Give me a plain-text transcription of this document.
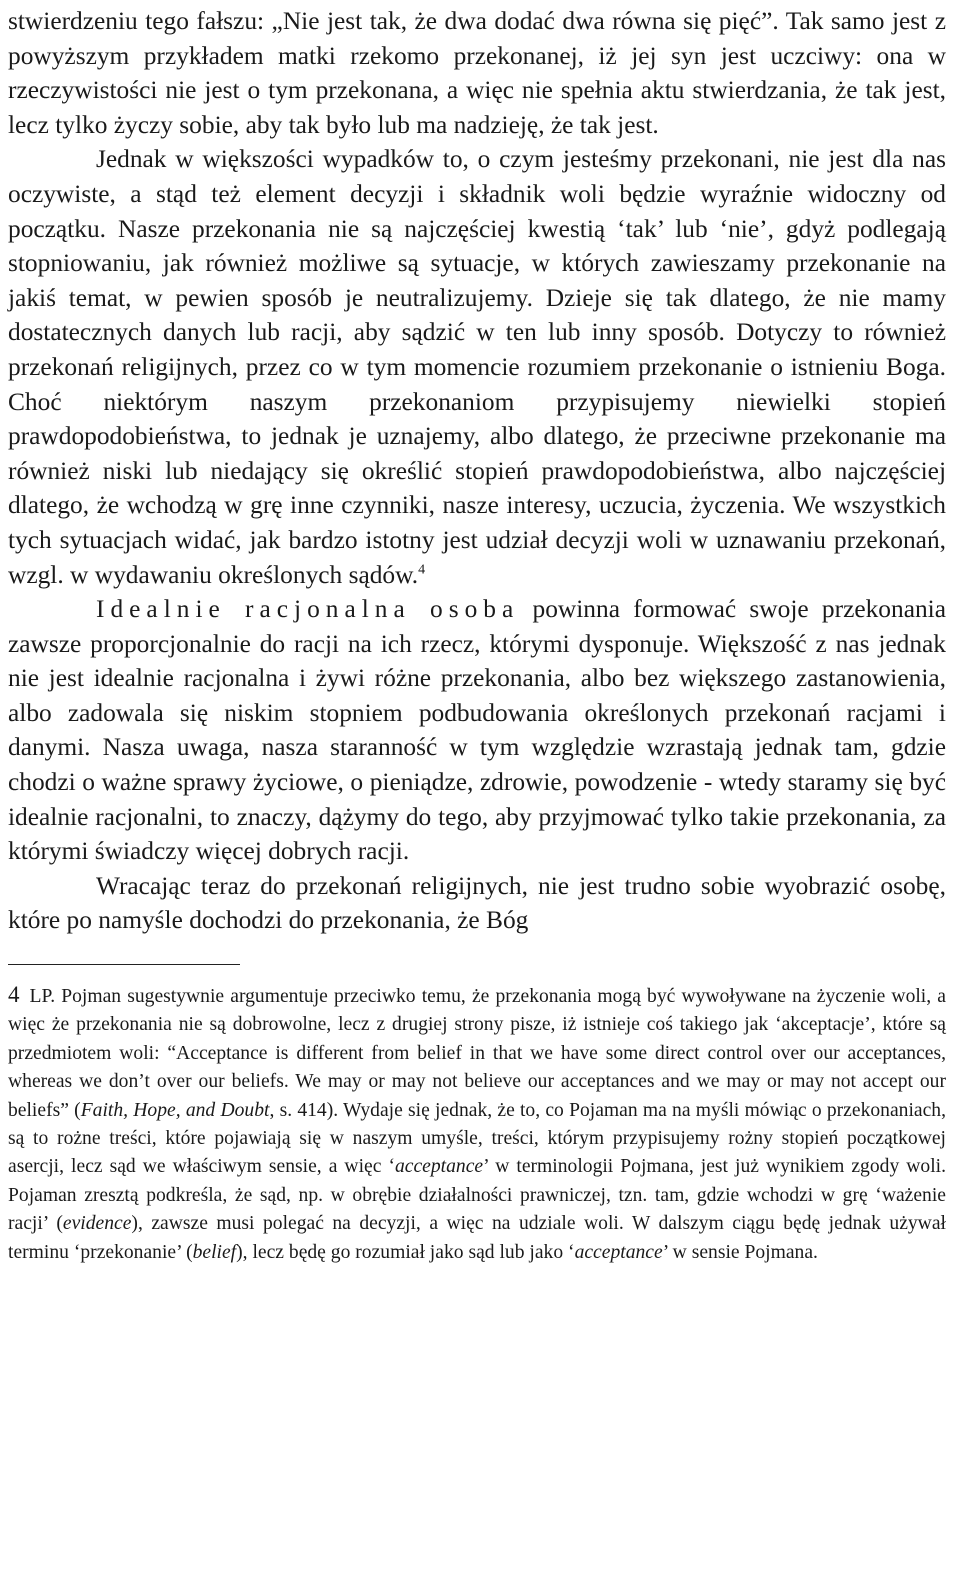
stwierdzeniu tego fałszu: „Nie jest tak, że dwa dodać dwa równa się pięć”. Tak samo jest z powyższym przykładem matki rzekomo przekonanej, iż jej syn jest uczciwy: ona w rzeczywistości nie jest o tym przekonana, a więc nie spełnia aktu stwierdzania, że tak jest, lecz tylko życzy sobie, aby tak było lub ma nadzieję, że tak jest.

Jednak w większości wypadków to, o czym jesteśmy przekonani, nie jest dla nas oczywiste, a stąd też element decyzji i składnik woli będzie wyraźnie widoczny od początku. Nasze przekonania nie są najczęściej kwestią ‘tak’ lub ‘nie’, gdyż podlegają stopniowaniu, jak również możliwe są sytuacje, w których zawieszamy przekonanie na jakiś temat, w pewien sposób je neutralizujemy. Dzieje się tak dlatego, że nie mamy dostatecznych danych lub racji, aby sądzić w ten lub inny sposób. Dotyczy to również przekonań religijnych, przez co w tym momencie rozumiem przekonanie o istnieniu Boga. Choć niektórym naszym przekonaniom przypisujemy niewielki stopień prawdopodobieństwa, to jednak je uznajemy, albo dlatego, że przeciwne przekonanie ma również niski lub niedający się określić stopień prawdopodobieństwa, albo najczęściej dlatego, że wchodzą w grę inne czynniki, nasze interesy, uczucia, życzenia. We wszystkich tych sytuacjach widać, jak bardzo istotny jest udział decyzji woli w uznawaniu przekonań, wzgl. w wydawaniu określonych sądów.$^4$

Idealnie racjonalna osoba powinna formować swoje przekonania zawsze proporcjonalnie do racji na ich rzecz, którymi dysponuje. Większość z nas jednak nie jest idealnie racjonalna i żywi różne przekonania, albo bez większego zastanowienia, albo zadowala się niskim stopniem podbudowania określonych przekonań racjami i danymi. Nasza uwaga, nasza staranność w tym względzie wzrastają jednak tam, gdzie chodzi o ważne sprawy życiowe, o pieniądze, zdrowie, powodzenie - wtedy staramy się być idealnie racjonalni, to znaczy, dążymy do tego, aby przyjmować tylko takie przekonania, za którymi świadczy więcej dobrych racji.

Wracając teraz do przekonań religijnych, nie jest trudno sobie wyobrazić osobę, które po namyśle dochodzi do przekonania, że Bóg

4 LP. Pojman sugestywnie argumentuje przeciwko temu, że przekonania mogą być wywoływane na życzenie woli, a więc że przekonania nie są dobrowolne, lecz z drugiej strony pisze, iż istnieje coś takiego jak ‘akceptacje’, które są przedmiotem woli: “Acceptance is different from belief in that we have some direct control over our acceptances, whereas we don’t over our beliefs. We may or may not believe our acceptances and we may or may not accept our beliefs” (Faith, Hope, and Doubt, s. 414). Wydaje się jednak, że to, co Pojaman ma na myśli mówiąc o przekonaniach, są to rożne treści, które pojawiają się w naszym umyśle, treści, którym przypisujemy rożny stopień początkowej asercji, lecz sąd we właściwym sensie, a więc ‘acceptance’ w terminologii Pojmana, jest już wynikiem zgody woli. Pojaman zresztą podkreśla, że sąd, np. w obrębie działalności prawniczej, tzn. tam, gdzie wchodzi w grę ‘ważenie racji’ (evidence), zawsze musi polegać na decyzji, a więc na udziale woli. W dalszym ciągu będę jednak używał terminu ‘przekonanie’ (belief), lecz będę go rozumiał jako sąd lub jako ‘acceptance’ w sensie Pojmana.
